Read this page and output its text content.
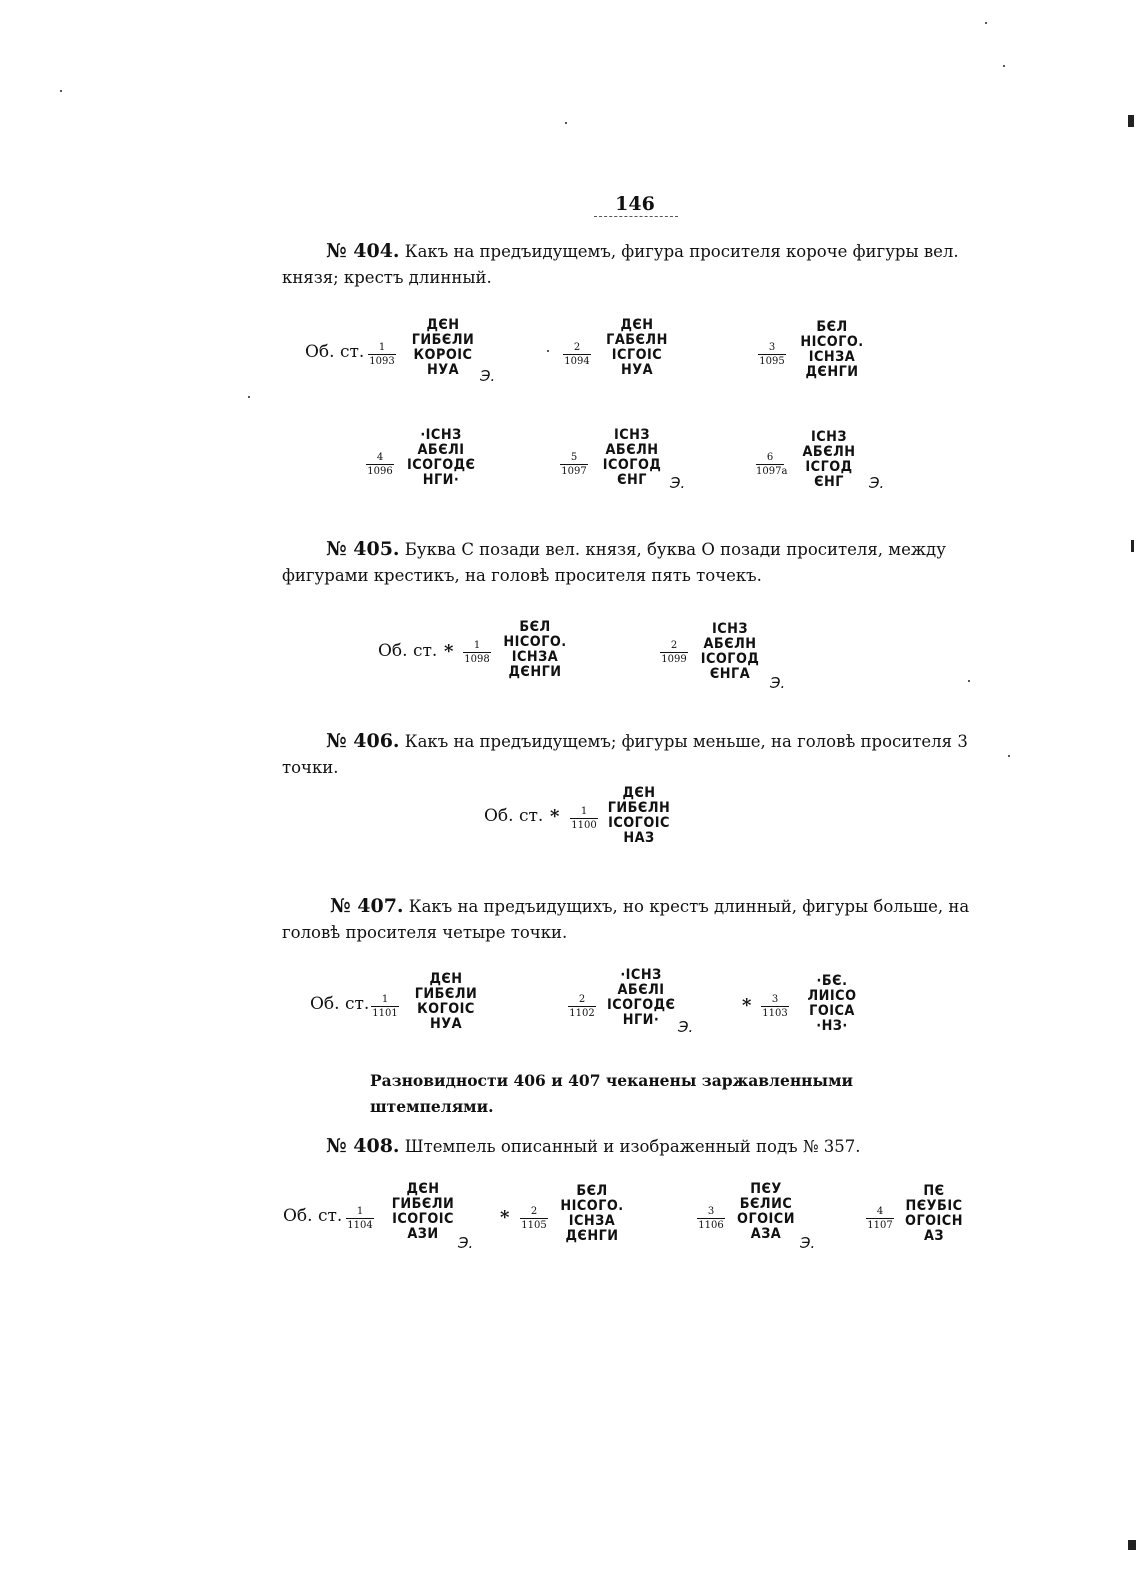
146
№ 404. Какъ на предъидущемъ, фигура просителя короче фигуры вел. князя; крестъ длинный.
Об. ст. $\frac{1}{1093}$
ДЄН
ГИБЄЛИ
КОРОІС
НУА	Э.
$\frac{2}{1094}$
ДЄН
ГАБЄЛН
ІСГОІС
НУА
$\frac{3}{1095}$
БЄЛ
НІСОГО.
ІСНЗА
ДЄНГИ
$\frac{4}{1096}$
·ІСНЗ
АБЄЛІ
ІСОГОДЄ
НГИ·
$\frac{5}{1097}$
ІСНЗ
АБЄЛН
ІСОГОД
ЄНГ	Э.
$\frac{6}{1097a}$
ІСНЗ
АБЄЛН
ІСГОД
ЄНГ	Э.
№ 405. Буква C позади вел. князя, буква O позади просителя, между фигурами крестикъ, на головѣ просителя пять точекъ.
Об. ст. * $\frac{1}{1098}$
БЄЛ
НІСОГО.
ІСНЗА
ДЄНГИ
$\frac{2}{1099}$
ІСНЗ
АБЄЛН
ІСОГОД
ЄНГА	Э.
№ 406. Какъ на предъидущемъ; фигуры меньше, на головѣ просителя 3 точки.
Об. ст. * $\frac{1}{1100}$
ДЄН
ГИБЄЛН
ІСОГОІС
НАЗ
№ 407. Какъ на предъидущихъ, но крестъ длинный, фигуры больше, на головѣ просителя четыре точки.
Об. ст. $\frac{1}{1101}$
ДЄН
ГИБЄЛИ
КОГОІС
НУА
$\frac{2}{1102}$
·ІСНЗ
АБЄЛІ
ІСОГОДЄ
НГИ·	Э.
* $\frac{3}{1103}$
·БЄ.
ЛИІСО
ГОІСА
·НЗ·
Разновидности 406 и 407 чеканены заржавленными штемпелями.
№ 408. Штемпель описанный и изображенный подъ № 357.
Об. ст. $\frac{1}{1104}$
ДЄН
ГИБЄЛИ
ІСОГОІС
АЗИ	Э.
* $\frac{2}{1105}$
БЄЛ
НІСОГО.
ІСНЗА
ДЄНГИ
$\frac{3}{1106}$
ПЄУ
БЄЛИС
ОГОІСИ
АЗА	Э.
$\frac{4}{1107}$
ПЄ
ПЄУБІС
ОГОІСН
АЗ
